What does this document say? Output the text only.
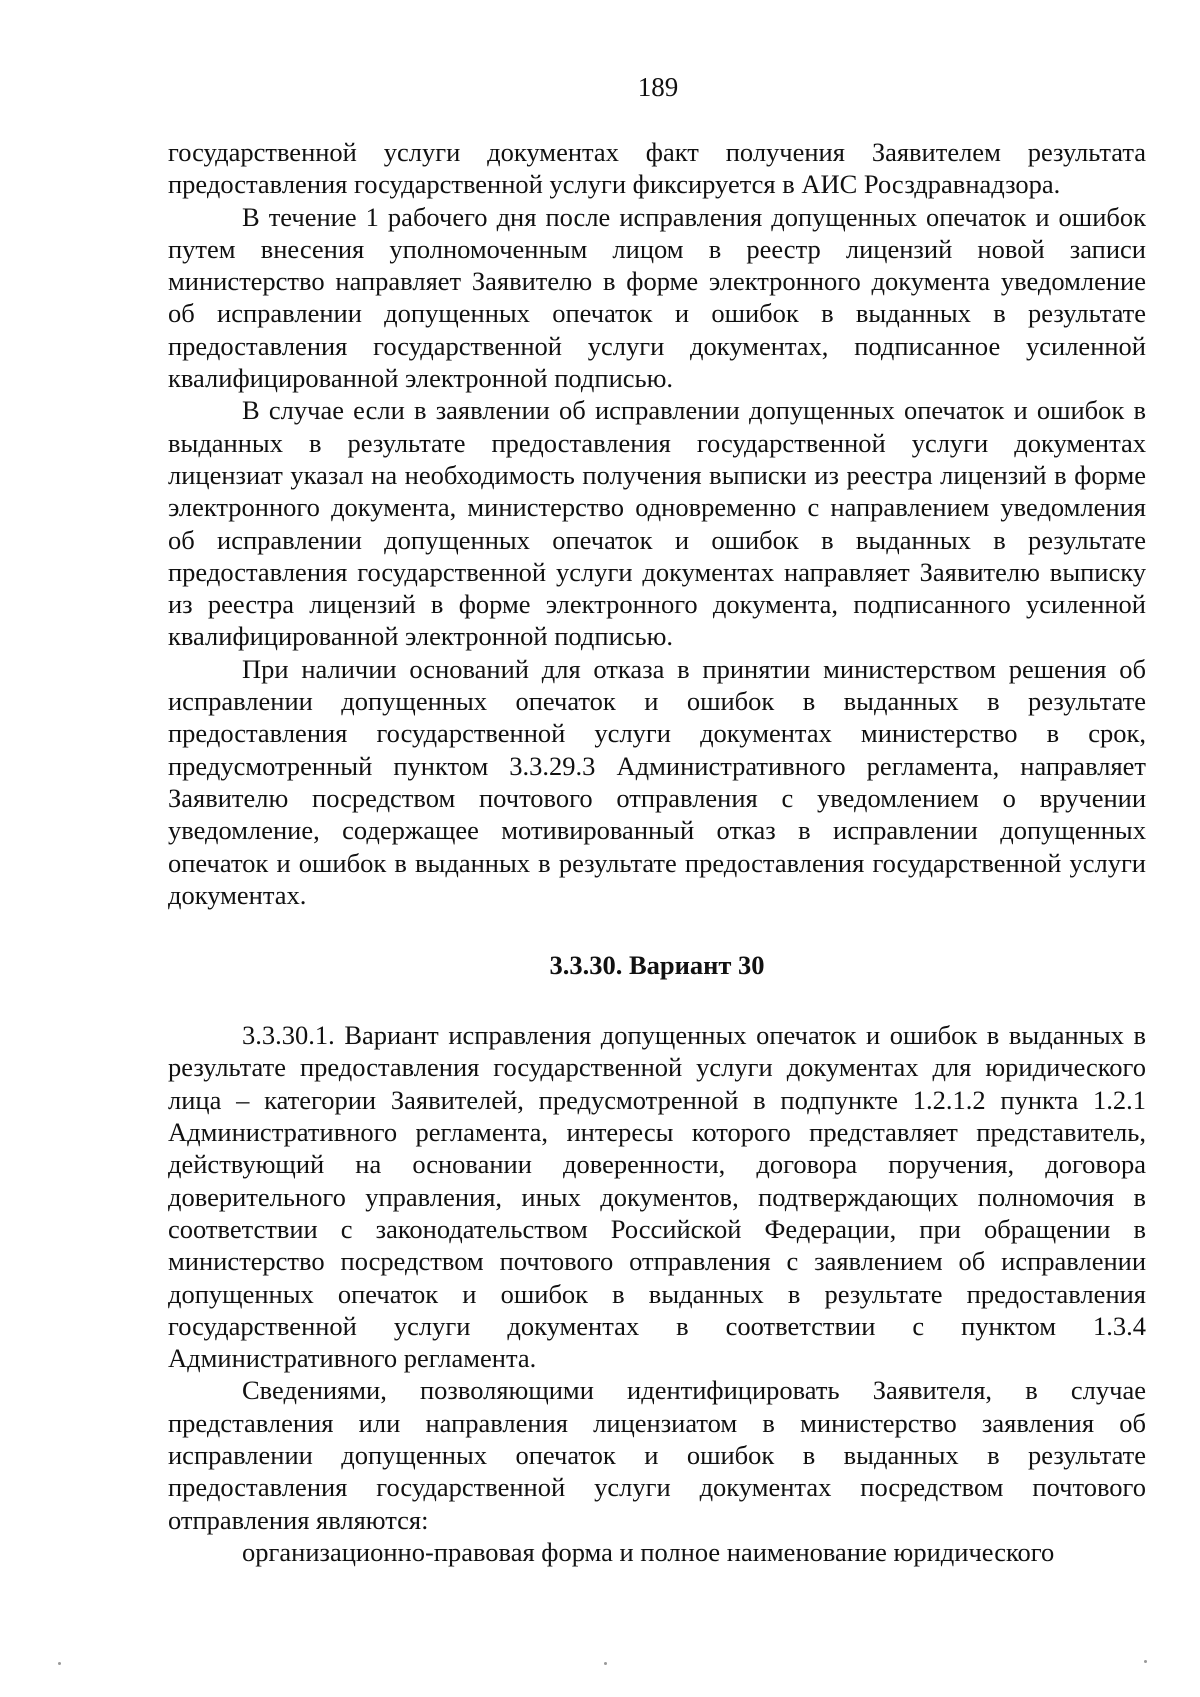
189

государственной услуги документах факт получения Заявителем результата предоставления государственной услуги фиксируется в АИС Росздравнадзора.

В течение 1 рабочего дня после исправления допущенных опечаток и ошибок путем внесения уполномоченным лицом в реестр лицензий новой записи министерство направляет Заявителю в форме электронного документа уведомление об исправлении допущенных опечаток и ошибок в выданных в результате предоставления государственной услуги документах, подписанное усиленной квалифицированной электронной подписью.

В случае если в заявлении об исправлении допущенных опечаток и ошибок в выданных в результате предоставления государственной услуги документах лицензиат указал на необходимость получения выписки из реестра лицензий в форме электронного документа, министерство одновременно с направлением уведомления об исправлении допущенных опечаток и ошибок в выданных в результате предоставления государственной услуги документах направляет Заявителю выписку из реестра лицензий в форме электронного документа, подписанного усиленной квалифицированной электронной подписью.

При наличии оснований для отказа в принятии министерством решения об исправлении допущенных опечаток и ошибок в выданных в результате предоставления государственной услуги документах министерство в срок, предусмотренный пунктом 3.3.29.3 Административного регламента, направляет Заявителю посредством почтового отправления с уведомлением о вручении уведомление, содержащее мотивированный отказ в исправлении допущенных опечаток и ошибок в выданных в результате предоставления государственной услуги документах.

3.3.30. Вариант 30

3.3.30.1. Вариант исправления допущенных опечаток и ошибок в выданных в результате предоставления государственной услуги документах для юридического лица – категории Заявителей, предусмотренной в подпункте 1.2.1.2 пункта 1.2.1 Административного регламента, интересы которого представляет представитель, действующий на основании доверенности, договора поручения, договора доверительного управления, иных документов, подтверждающих полномочия в соответствии с законодательством Российской Федерации, при обращении в министерство посредством почтового отправления с заявлением об исправлении допущенных опечаток и ошибок в выданных в результате предоставления государственной услуги документах в соответствии с пунктом 1.3.4 Административного регламента.

Сведениями, позволяющими идентифицировать Заявителя, в случае представления или направления лицензиатом в министерство заявления об исправлении допущенных опечаток и ошибок в выданных в результате предоставления государственной услуги документах посредством почтового отправления являются:

организационно-правовая форма и полное наименование юридического
